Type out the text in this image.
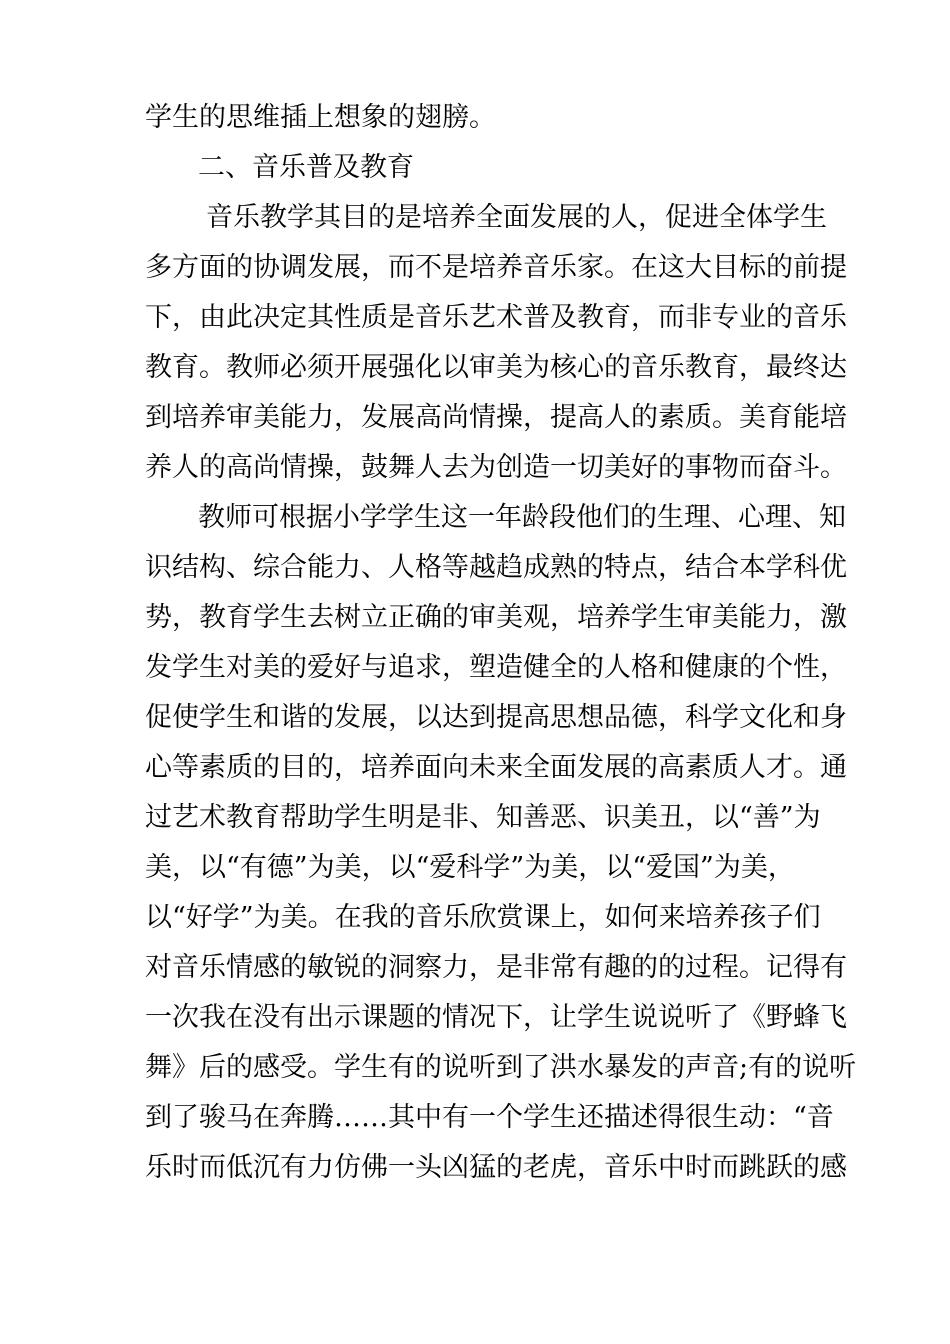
学生的思维插上想象的翅膀。
二、音乐普及教育
音乐教学其目的是培养全面发展的人，促进全体学生
多方面的协调发展，而不是培养音乐家。在这大目标的前提
下，由此决定其性质是音乐艺术普及教育，而非专业的音乐
教育。教师必须开展强化以审美为核心的音乐教育，最终达
到培养审美能力，发展高尚情操，提高人的素质。美育能培
养人的高尚情操，鼓舞人去为创造一切美好的事物而奋斗。
教师可根据小学学生这一年龄段他们的生理、心理、知
识结构、综合能力、人格等越趋成熟的特点，结合本学科优
势，教育学生去树立正确的审美观，培养学生审美能力，激
发学生对美的爱好与追求，塑造健全的人格和健康的个性，
促使学生和谐的发展，以达到提高思想品德，科学文化和身
心等素质的目的，培养面向未来全面发展的高素质人才。通
过艺术教育帮助学生明是非、知善恶、识美丑，以“善”为
美，以“有德”为美，以“爱科学”为美，以“爱国”为美，
以“好学”为美。在我的音乐欣赏课上，如何来培养孩子们
对音乐情感的敏锐的洞察力，是非常有趣的的过程。记得有
一次我在没有出示课题的情况下，让学生说说听了《野蜂飞
舞》后的感受。学生有的说听到了洪水暴发的声音;有的说听
到了骏马在奔腾……其中有一个学生还描述得很生动：“音
乐时而低沉有力仿佛一头凶猛的老虎，音乐中时而跳跃的感
